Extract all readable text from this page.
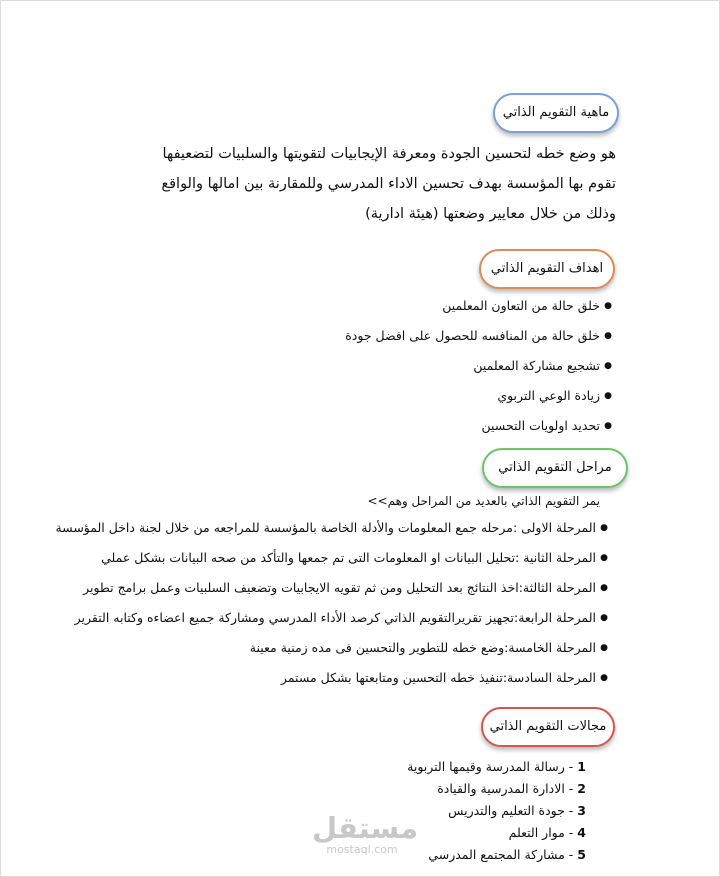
ماهية التقويم الذاتي
هو وضع خطه لتحسين الجودة ومعرفة الإيجابيات لتقويتها والسلبيات لتضعيفها
تقوم بها المؤسسة بهدف تحسين الاداء المدرسي وللمقارنة بين امالها والواقع
وذلك من خلال معايير وضعتها (هيئة ادارية)
اهداف التقويم الذاتي
● خلق حالة من التعاون المعلمين
● خلق حالة من المنافسه للحصول على افضل جودة
● تشجيع مشاركة المعلمين
● زيادة الوعي التربوي
● تحديد اولويات التحسين
مراحل التقويم الذاتي
يمر التقويم الذاتي بالعديد من المراحل وهم>>
● المرحلة الاولى :مرحله جمع المعلومات والأدلة الخاصة بالمؤسسة للمراجعه من خلال لجنة داخل المؤسسة
● المرحلة الثانية :تحليل البيانات او المعلومات التى تم جمعها والتأكد من صحه البيانات بشكل عملي
● المرحلة الثالثة:اخذ النتائج بعد التحليل ومن ثم تقويه الايجابيات وتضعيف السلبيات وعمل برامج تطوير
● المرحلة الرابعة:تجهيز تقريرالتقويم الذاتي كرصد الأداء المدرسي ومشاركة جميع اعضاءه وكتابه التقرير
● المرحلة الخامسة:وضع خطه للتطوير والتحسين فى مده زمنية معينة
● المرحلة السادسة:تنفيذ خطه التحسين ومتابعتها بشكل مستمر
مجالات التقويم الذاتي
1 - رسالة المدرسة وقيمها التربوية
2 - الادارة المدرسية والقيادة
3 - جودة التعليم والتدريس
4 - موار التعلم
5 - مشاركة المجتمع المدرسي
مستقل
mostaql.com
